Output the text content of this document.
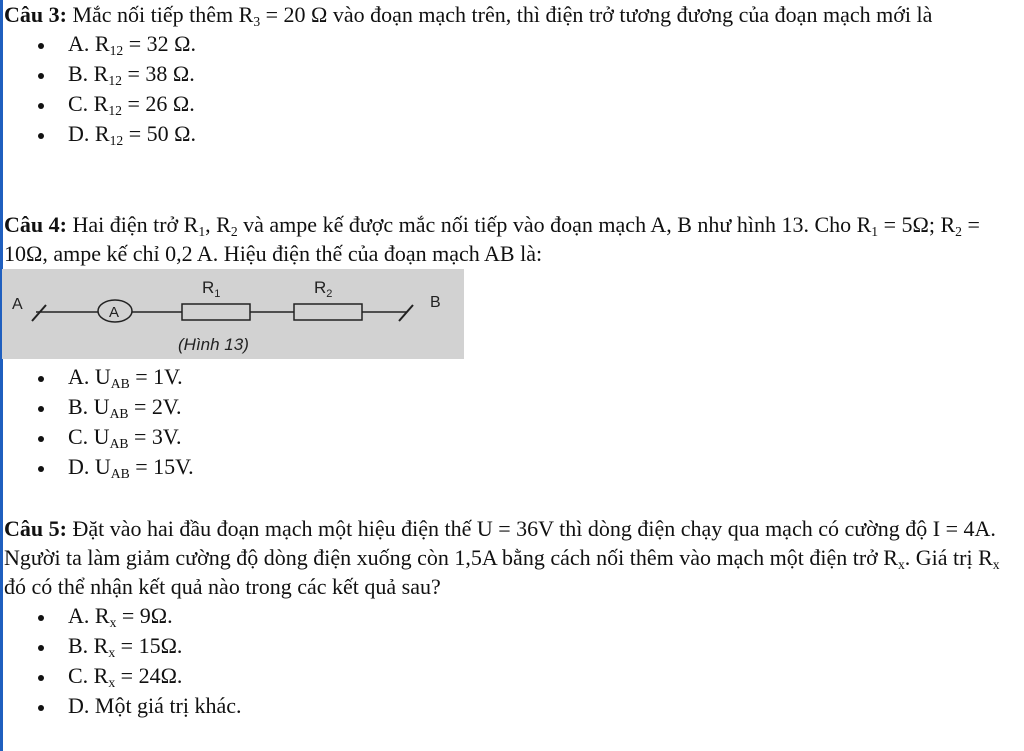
Câu 3: Mắc nối tiếp thêm $R_3 = 20$ Ω vào đoạn mạch trên, thì điện trở tương đương của đoạn mạch mới là
A. $R_{12} = 32$ Ω.
B. $R_{12} = 38$ Ω.
C. $R_{12} = 26$ Ω.
D. $R_{12} = 50$ Ω.
Câu 4: Hai điện trở $R_1$, $R_2$ và ampe kế được mắc nối tiếp vào đoạn mạch A, B như hình 13. Cho $R_1 = 5\Omega$; $R_2 = 10\Omega$, ampe kế chỉ 0,2 A. Hiệu điện thế của đoạn mạch AB là:
A	B
A
$R_1$	$R_2$
(Hình 13)
A. $U_{AB} = 1V$.
B. $U_{AB} = 2V$.
C. $U_{AB} = 3V$.
D. $U_{AB} = 15V$.
Câu 5: Đặt vào hai đầu đoạn mạch một hiệu điện thế U = 36V thì dòng điện chạy qua mạch có cường độ I = 4A. Người ta làm giảm cường độ dòng điện xuống còn 1,5A bằng cách nối thêm vào mạch một điện trở $R_x$. Giá trị $R_x$ đó có thể nhận kết quả nào trong các kết quả sau?
A. $R_x = 9\Omega$.
B. $R_x = 15\Omega$.
C. $R_x = 24\Omega$.
D. Một giá trị khác.
